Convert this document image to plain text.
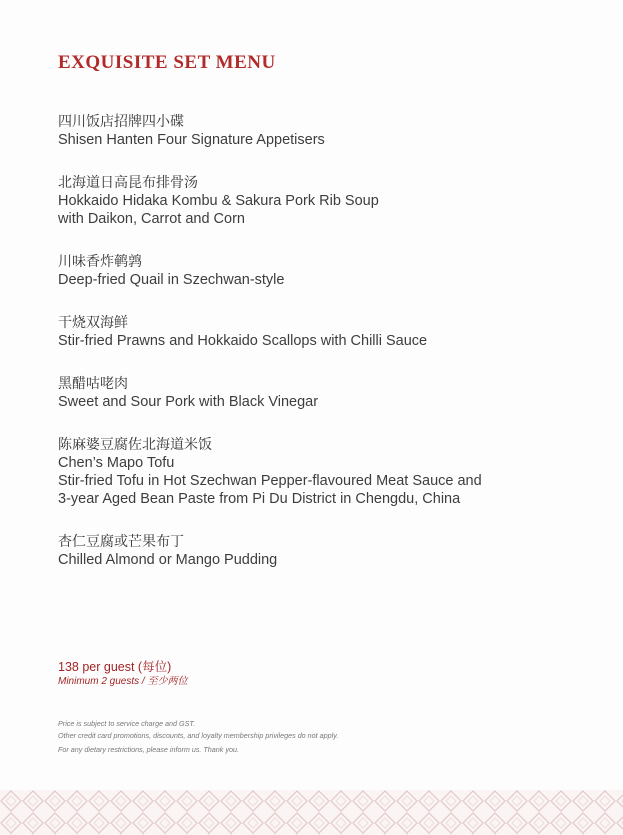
EXQUISITE SET MENU
四川饭店招牌四小碟
Shisen Hanten Four Signature Appetisers
北海道日高昆布排骨汤
Hokkaido Hidaka Kombu & Sakura Pork Rib Soup
with Daikon, Carrot and Corn
川味香炸鹌鹑
Deep-fried Quail in Szechwan-style
干烧双海鲜
Stir-fried Prawns and Hokkaido Scallops with Chilli Sauce
黑醋咕咾肉
Sweet and Sour Pork with Black Vinegar
陈麻婆豆腐佐北海道米饭
Chen’s Mapo Tofu
Stir-fried Tofu in Hot Szechwan Pepper-flavoured Meat Sauce and
3-year Aged Bean Paste from Pi Du District in Chengdu, China
杏仁豆腐或芒果布丁
Chilled Almond or Mango Pudding
138 per guest (每位)
Minimum 2 guests / 至少两位
Price is subject to service charge and GST.
Other credit card promotions, discounts, and loyalty membership privileges do not apply.
For any dietary restrictions, please inform us. Thank you.
